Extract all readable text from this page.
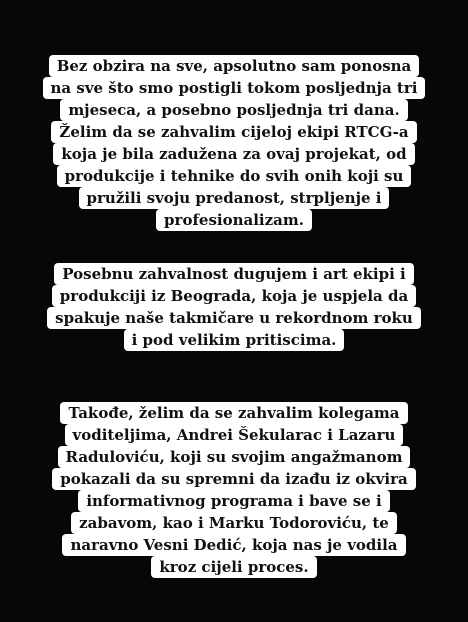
Bez obzira na sve, apsolutno sam ponosna
na sve što smo postigli tokom posljednja tri
mjeseca, a posebno posljednja tri dana.
Želim da se zahvalim cijeloj ekipi RTCG-a
koja je bila zadužena za ovaj projekat, od
produkcije i tehnike do svih onih koji su
pružili svoju predanost, strpljenje i
profesionalizam.
Posebnu zahvalnost dugujem i art ekipi i
produkciji iz Beograda, koja je uspjela da
spakuje naše takmičare u rekordnom roku
i pod velikim pritiscima.
Takođe, želim da se zahvalim kolegama
voditeljima, Andrei Šekularac i Lazaru
Raduloviću, koji su svojim angažmanom
pokazali da su spremni da izađu iz okvira
informativnog programa i bave se i
zabavom, kao i Marku Todoroviću, te
naravno Vesni Dedić, koja nas je vodila
kroz cijeli proces.
